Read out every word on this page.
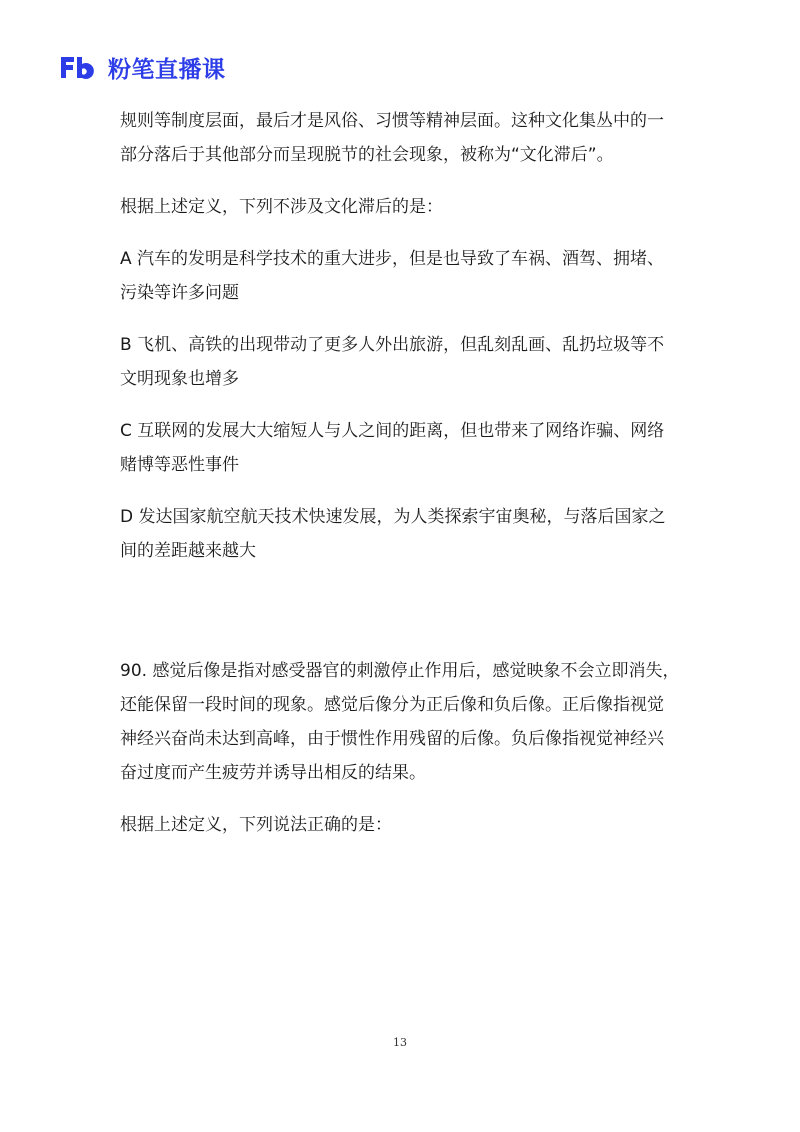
粉笔直播课

规则等制度层面，最后才是风俗、习惯等精神层面。这种文化集丛中的一部分落后于其他部分而呈现脱节的社会现象，被称为“文化滞后”。

根据上述定义，下列不涉及文化滞后的是：

A 汽车的发明是科学技术的重大进步，但是也导致了车祸、酒驾、拥堵、污染等许多问题

B 飞机、高铁的出现带动了更多人外出旅游，但乱刻乱画、乱扔垃圾等不文明现象也增多

C 互联网的发展大大缩短人与人之间的距离，但也带来了网络诈骗、网络赌博等恶性事件

D 发达国家航空航天技术快速发展，为人类探索宇宙奥秘，与落后国家之间的差距越来越大

90. 感觉后像是指对感受器官的刺激停止作用后，感觉映象不会立即消失，还能保留一段时间的现象。感觉后像分为正后像和负后像。正后像指视觉神经兴奋尚未达到高峰，由于惯性作用残留的后像。负后像指视觉神经兴奋过度而产生疲劳并诱导出相反的结果。

根据上述定义，下列说法正确的是：

13
